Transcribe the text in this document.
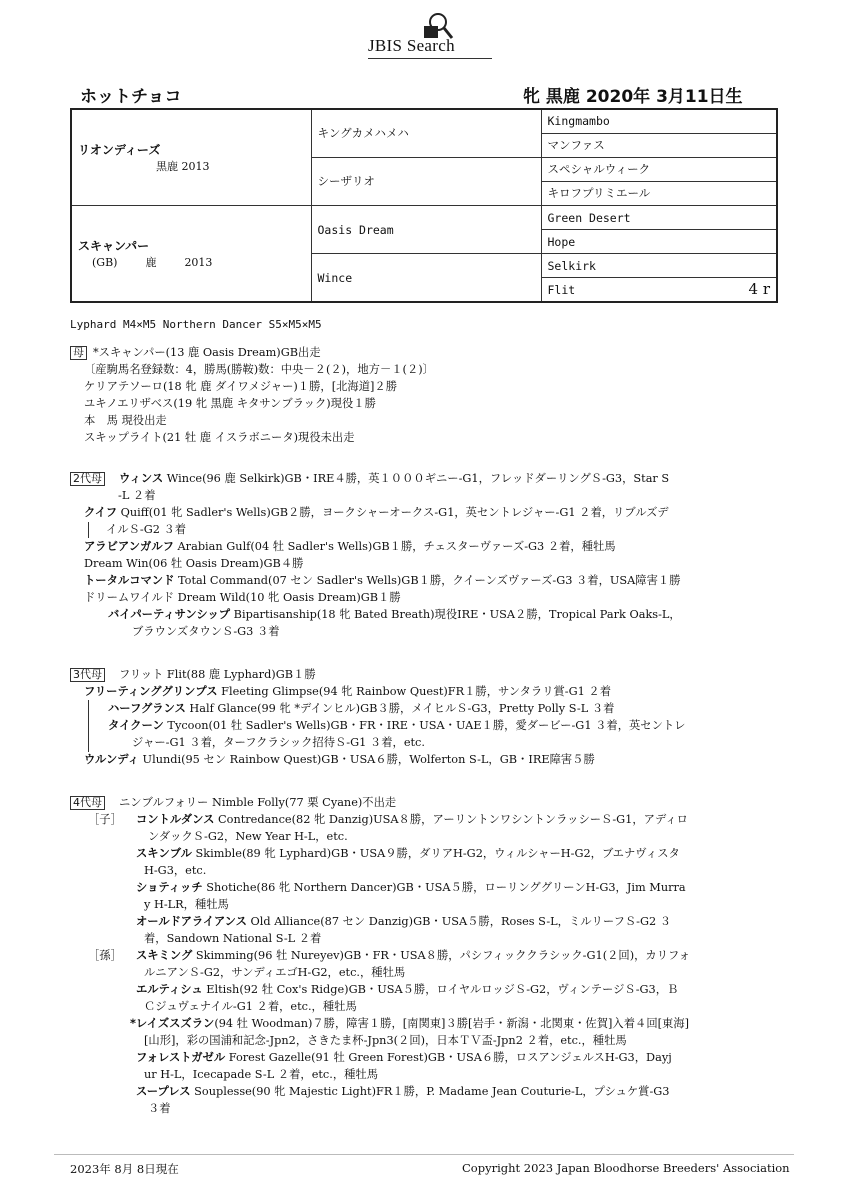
JBIS Search
ホットチョコ	牝 黒鹿 2020年 3月11日生
リオンディーズ
黒鹿 2013	キングカメハメハ	Kingmambo
		マンファス
	シーザリオ	スペシャルウィーク
		キロフプリミエール
スキャンパー
(GB) 鹿 2013	Oasis Dream	Green Desert
		Hope
	Wince	Selkirk
		Flit 4 r
Lyphard M4×M5 Northern Dancer S5×M5×M5
母 *スキャンパー(13 鹿 Oasis Dream)GB出走
〔産駒馬名登録数：4，勝馬(勝鞍)数：中央－２(２)，地方－１(２)〕
ケリアテソーロ(18 牝 鹿 ダイワメジャー)１勝，[北海道]２勝
ユキノエリザベス(19 牝 黒鹿 キタサンブラック)現役１勝
本　馬 現役出走
スキップライト(21 牡 鹿 イスラボニータ)現役未出走
2代母 ウィンス Wince(96 鹿 Selkirk)GB・IRE４勝，英１０００ギニー-G1，フレッドダーリングＳ-G3，Star S
-L ２着
クイフ Quiff(01 牝 Sadler's Wells)GB２勝，ヨークシャーオークス-G1，英セントレジャー-G1 ２着，リブルズデ
イルＳ-G2 ３着
アラビアンガルフ Arabian Gulf(04 牡 Sadler's Wells)GB１勝，チェスターヴァーズ-G3 ２着，種牡馬
Dream Win(06 牡 Oasis Dream)GB４勝
トータルコマンド Total Command(07 セン Sadler's Wells)GB１勝，クイーンズヴァーズ-G3 ３着，USA障害１勝
ドリームワイルド Dream Wild(10 牝 Oasis Dream)GB１勝
バイパーティサンシップ Bipartisanship(18 牝 Bated Breath)現役IRE・USA２勝，Tropical Park Oaks-L，
ブラウンズタウンＳ-G3 ３着
3代母 フリット Flit(88 鹿 Lyphard)GB１勝
フリーティンググリンプス Fleeting Glimpse(94 牝 Rainbow Quest)FR１勝，サンタラリ賞-G1 ２着
ハーフグランス Half Glance(99 牝 *デインヒル)GB３勝，メイヒルＳ-G3，Pretty Polly S-L ３着
タイクーン Tycoon(01 牡 Sadler's Wells)GB・FR・IRE・USA・UAE１勝，愛ダービー-G1 ３着，英セントレ
ジャー-G1 ３着，ターフクラシック招待Ｓ-G1 ３着，etc.
ウルンディ Ulundi(95 セン Rainbow Quest)GB・USA６勝，Wolferton S-L，GB・IRE障害５勝
4代母 ニンブルフォリー Nimble Folly(77 栗 Cyane)不出走
［子］ コントルダンス Contredance(82 牝 Danzig)USA８勝，アーリントンワシントンラッシーＳ-G1，アディロ
ンダックＳ-G2，New Year H-L，etc.
スキンブル Skimble(89 牝 Lyphard)GB・USA９勝，ダリアH-G2，ウィルシャーH-G2，ブエナヴィスタ
H-G3，etc.
ショティッチ Shotiche(86 牝 Northern Dancer)GB・USA５勝，ローリンググリーンH-G3，Jim Murra
y H-LR，種牡馬
オールドアライアンス Old Alliance(87 セン Danzig)GB・USA５勝，Roses S-L，ミルリーフＳ-G2 ３
着，Sandown National S-L ２着
［孫］ スキミング Skimming(96 牡 Nureyev)GB・FR・USA８勝，パシフィッククラシック-G1(２回)，カリフォ
ルニアンＳ-G2，サンディエゴH-G2，etc.，種牡馬
エルティシュ Eltish(92 牡 Cox's Ridge)GB・USA５勝，ロイヤルロッジＳ-G2，ヴィンテージＳ-G3，Ｂ
Ｃジュヴェナイル-G1 ２着，etc.，種牡馬
*レイズスズラン(94 牡 Woodman)７勝，障害１勝，[南関東]３勝[岩手・新潟・北関東・佐賀]入着４回[東海]
[山形]，彩の国浦和記念-Jpn2，さきたま杯-Jpn3(２回)，日本ＴＶ盃-Jpn2 ２着，etc.，種牡馬
フォレストガゼル Forest Gazelle(91 牡 Green Forest)GB・USA６勝，ロスアンジェルスH-G3，Dayj
ur H-L，Icecapade S-L ２着，etc.，種牡馬
スープレス Souplesse(90 牝 Majestic Light)FR１勝，P. Madame Jean Couturie-L，プシュケ賞-G3
３着
2023年 8月 8日現在	Copyright 2023 Japan Bloodhorse Breeders' Association
